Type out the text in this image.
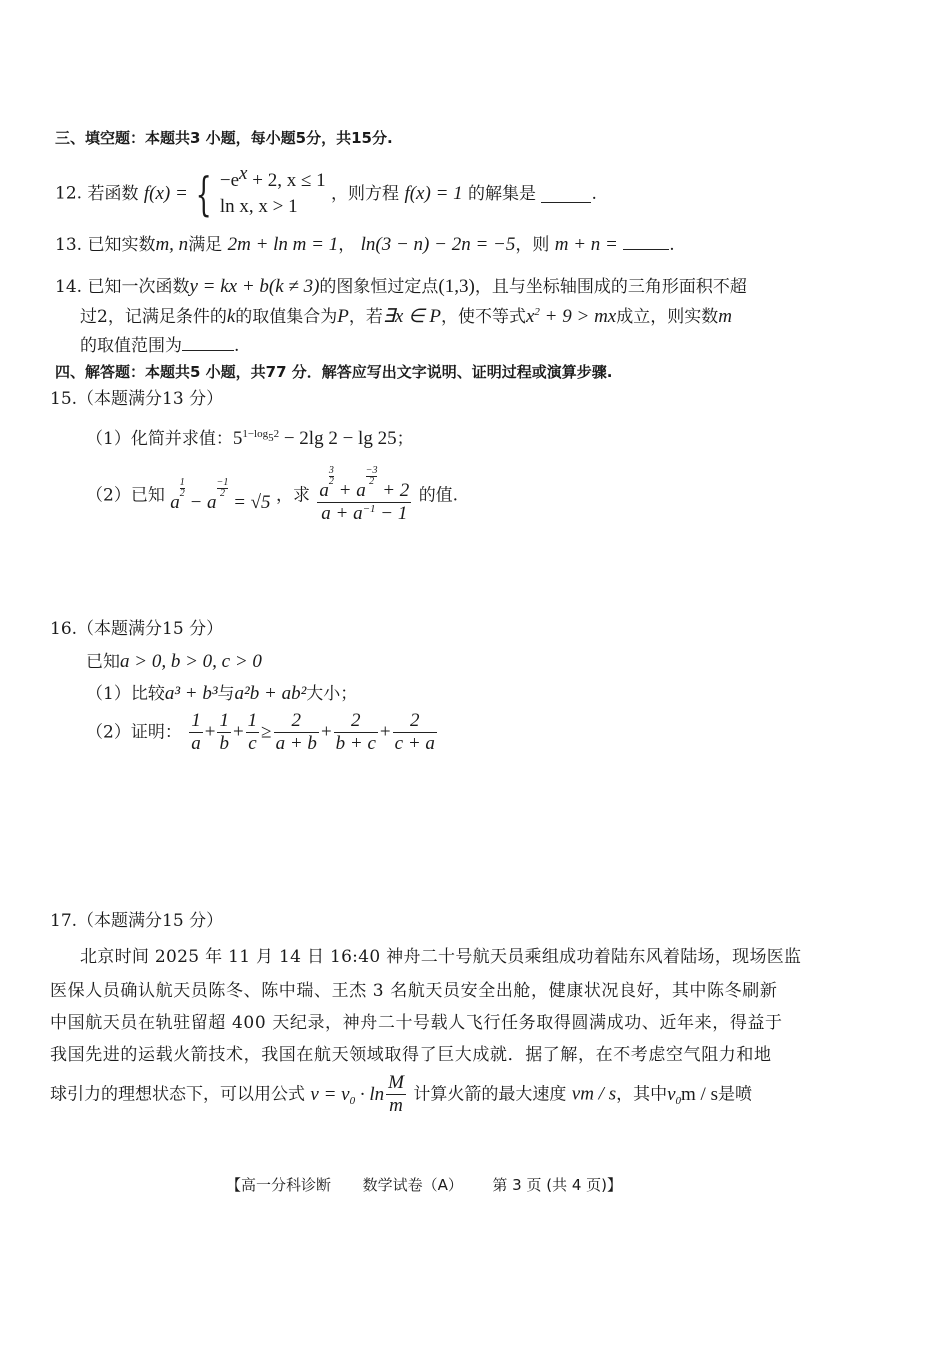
三、填空题：本题共3 小题，每小题5分，共15分.
12. 若函数 f(x) = { $-e^x + 2$, x ≤ 1
ln x, x > 1
，则方程 f(x) = 1 的解集是	.
13. 已知实数m, n满足 2m + ln m = 1， ln(3 − n) − 2n = −5，则 m + n =	.
14. 已知一次函数y = kx + b(k ≠ 3)的图象恒过定点(1,3)，且与坐标轴围成的三角形面积不超
过2，记满足条件的k的取值集合为P，若∃x ∈ P，使不等式$x^2 + 9$ > mx成立，则实数m
的取值范围为	.
四、解答题：本题共5 小题，共77 分．解答应写出文字说明、证明过程或演算步骤.
15.（本题满分13 分）
（1）化简并求值：$5^{1-log_52} - 2\lg$ 2 − lg 25；
（2）已知 a
$\frac{1}{2}$
− a
$\frac{-1}{2}$
= √5 ，求 a
$\frac{3}{2}$
+ a
$\frac{-3}{2}$
+ 2
$a + a^{-1} - 1$ 的值.
16.（本题满分15 分）
已知a > 0, b > 0, c > 0
（1）比较a³ + b³与a²b + ab²大小；
（2）证明： $\frac{1}{a} + \frac{1}{b} + \frac{1}{c} \ge \frac{2}{a + b} + \frac{2}{b + c} + \frac{2}{c + a}$
17.（本题满分15 分）
北京时间 2025 年 11 月 14 日 16:40 神舟二十号航天员乘组成功着陆东风着陆场，现场医监
医保人员确认航天员陈冬、陈中瑞、王杰 3 名航天员安全出舱，健康状况良好，其中陈冬刷新
中国航天员在轨驻留超 400 天纪录，神舟二十号载人飞行任务取得圆满成功、近年来，得益于
我国先进的运载火箭技术，我国在航天领域取得了巨大成就．据了解，在不考虑空气阻力和地
球引力的理想状态下，可以用公式 $v = v_0 \cdot \ln \frac{M}{m}$ 计算火箭的最大速度 vm / s，其中$v_0m$ / s是喷
【高一分科诊断 数学试卷（A） 第 3 页 (共 4 页)】
